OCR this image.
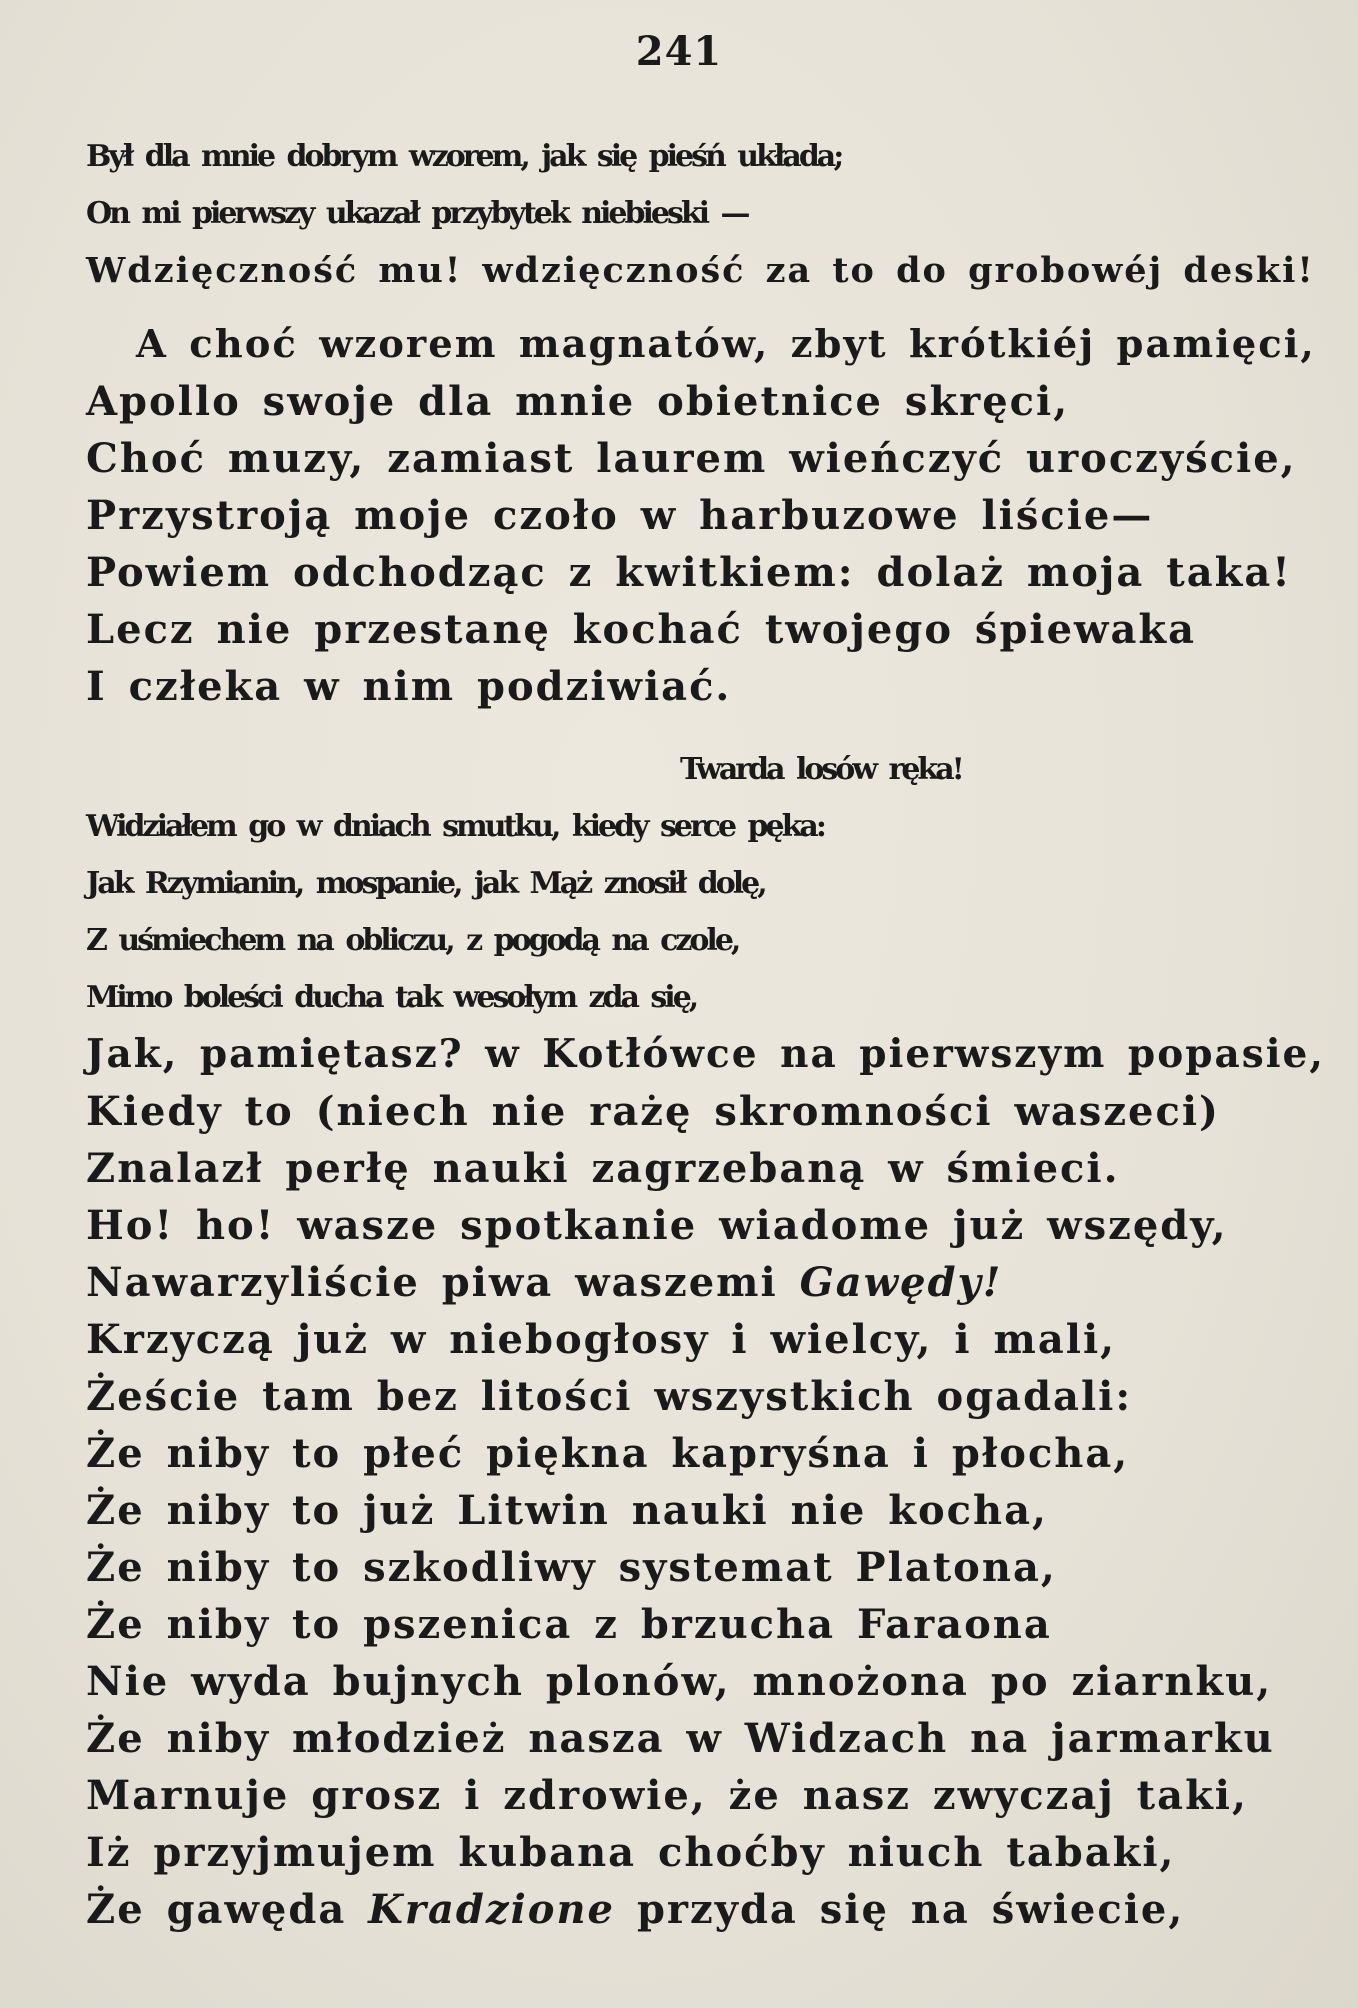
241
Był dla mnie dobrym wzorem, jak się pieśń układa;
On mi pierwszy ukazał przybytek niebieski —
Wdzięczność mu! wdzięczność za to do grobowéj deski!
A choć wzorem magnatów, zbyt krótkiéj pamięci,
Apollo swoje dla mnie obietnice skręci,
Choć muzy, zamiast laurem wieńczyć uroczyście,
Przystroją moje czoło w harbuzowe liście—
Powiem odchodząc z kwitkiem: dolaż moja taka!
Lecz nie przestanę kochać twojego śpiewaka
I człeka w nim podziwiać.
Twarda losów ręka!
Widziałem go w dniach smutku, kiedy serce pęka:
Jak Rzymianin, mospanie, jak Mąż znosił dolę,
Z uśmiechem na obliczu, z pogodą na czole,
Mimo boleści ducha tak wesołym zda się,
Jak, pamiętasz? w Kotłówce na pierwszym popasie,
Kiedy to (niech nie rażę skromności waszeci)
Znalazł perłę nauki zagrzebaną w śmieci.
Ho! ho! wasze spotkanie wiadome już wszędy,
Nawarzyliście piwa waszemi Gawędy!
Krzyczą już w niebogłosy i wielcy, i mali,
Żeście tam bez litości wszystkich ogadali:
Że niby to płeć piękna kapryśna i płocha,
Że niby to już Litwin nauki nie kocha,
Że niby to szkodliwy systemat Platona,
Że niby to pszenica z brzucha Faraona
Nie wyda bujnych plonów, mnożona po ziarnku,
Że niby młodzież nasza w Widzach na jarmarku
Marnuje grosz i zdrowie, że nasz zwyczaj taki,
Iż przyjmujem kubana choćby niuch tabaki,
Że gawęda Kradzione przyda się na świecie,
